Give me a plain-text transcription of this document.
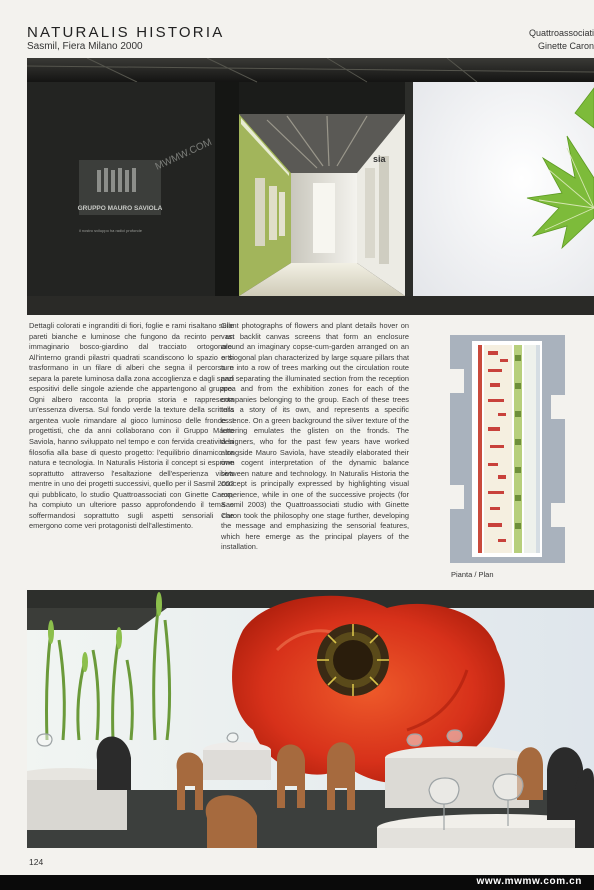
NATURALIS HISTORIA
Sasmil, Fiera Milano 2000
Quattroassociati
Ginette Caron
GRUPPO MAURO SAVIOLA
il nostro sviluppo ha radici profonde
MWMW.COM	sia

Dettagli colorati e ingranditi di fiori, foglie e rami risaltano sulle pareti bianche e luminose che fungono da recinto per un immaginario bosco-giardino dal tracciato ortogonale. All'interno grandi pilastri quadrati scandiscono lo spazio e si trasformano in un filare di alberi che segna il percorso e separa la parete luminosa dalla zona accoglienza e dagli spazi espositivi delle singole aziende che appartengono al gruppo. Ogni albero racconta la propria storia e rappresenta un'essenza diversa. Sul fondo verde la texture della scrittura argentea vuole rimandare al gioco luminoso delle fronde. I progettisti, che da anni collaborano con il Gruppo Mauro Saviola, hanno sviluppato nel tempo e con fervida creatività la filosofia alla base di questo progetto: l'equilibrio dinamico tra natura e tecnologia. In Naturalis Historia il concept si esprime soprattutto attraverso l'esaltazione dell'esperienza visiva mentre in uno dei progetti successivi, quello per il Sasmil 2002 qui pubblicato, lo studio Quattroassociati con Ginette Caron, ha compiuto un ulteriore passo approfondendo il tema e soffermandosi soprattutto sugli aspetti sensoriali che emergono come veri protagonisti dell'allestimento.

Giant photographs of flowers and plant details hover on vast backlit canvas screens that form an enclosure around an imaginary copse-cum-garden arranged on an orthogonal plan characterized by large square pillars that turn into a row of trees marking out the circulation route and separating the illuminated section from the reception area and from the exhibition zones for each of the companies belonging to the group. Each of these trees tells a story of its own, and represents a specific essence. On a green background the silver texture of the lettering emulates the glisten on the fronds. The designers, who for the past few years have worked alongside Mauro Saviola, have steadily elaborated their own cogent interpretation of the dynamic balance between nature and technology. In Naturalis Historia the concept is principally expressed by highlighting visual experience, while in one of the successive projects (for Sasmil 2003) the Quattroassociati studio with Ginette Caron took the philosophy one stage further, developing the message and emphasizing the sensorial features, which here emerge as the principal players of the installation.

Pianta / Plan
124
www.mwmw.com.cn
